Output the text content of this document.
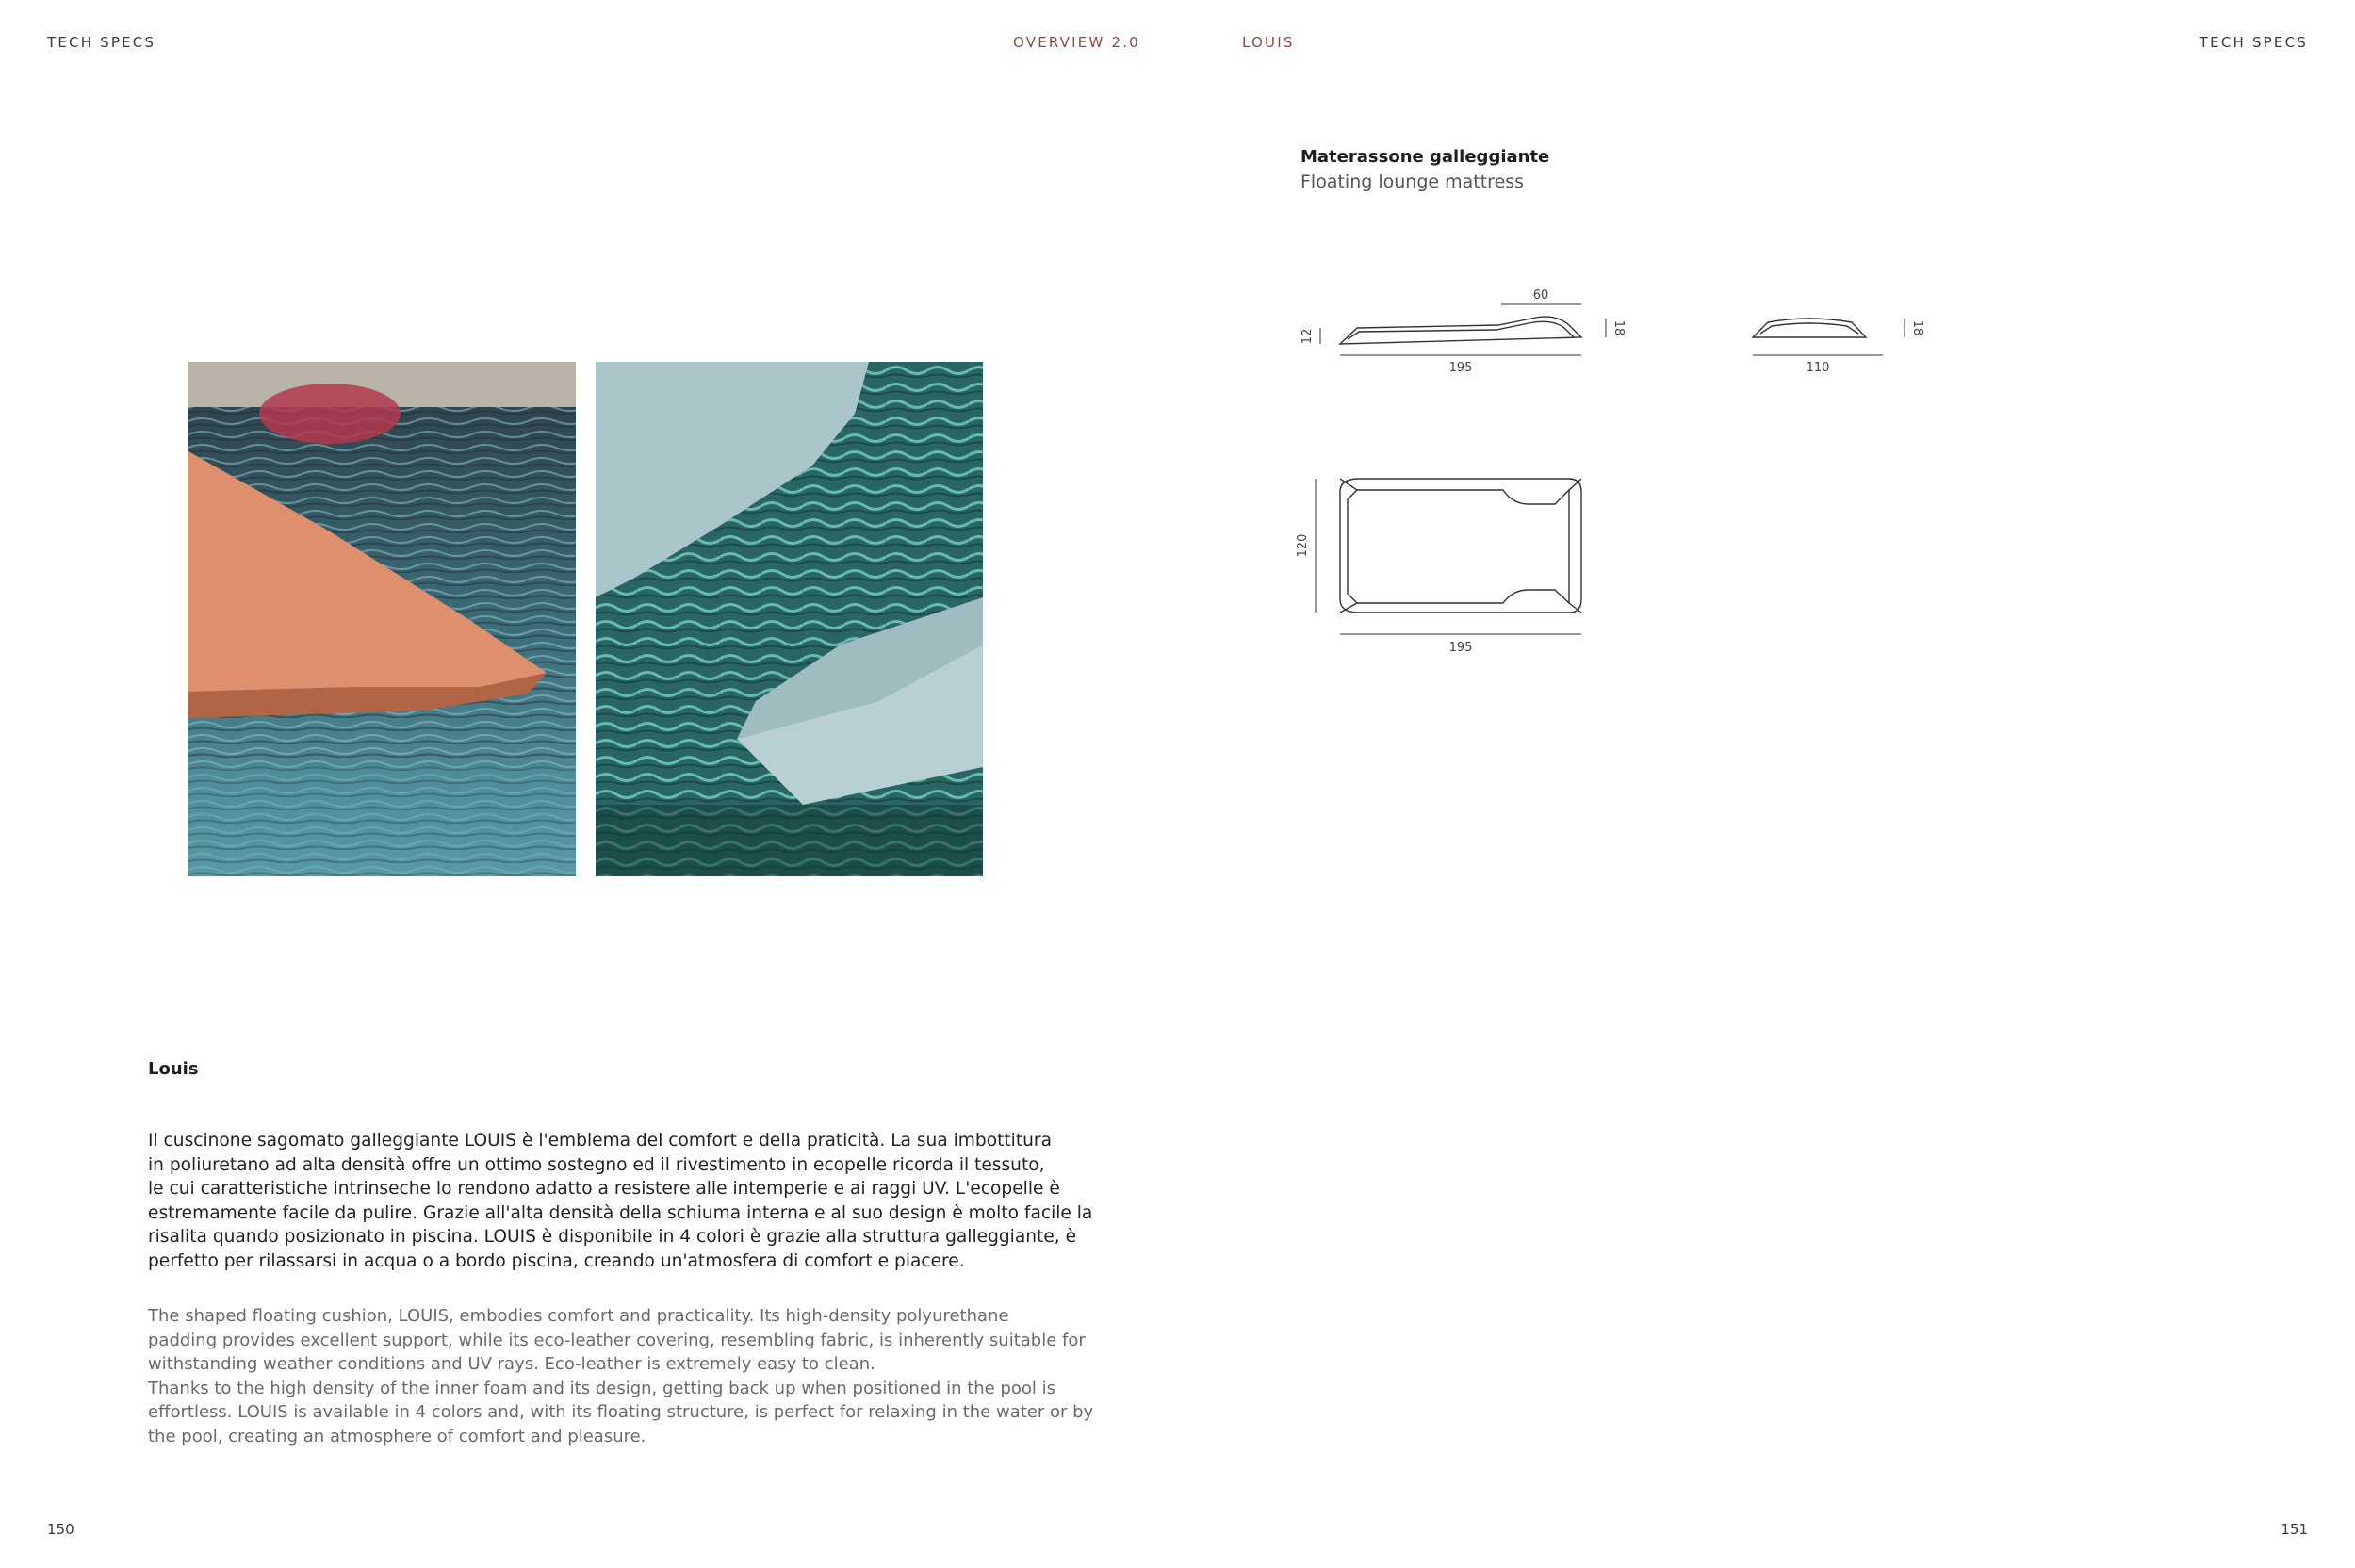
TECH SPECS	OVERVIEW 2.0	LOUIS	TECH SPECS
Materassone galleggiante
Floating lounge mattress
195
60
12
18
110
18
120
195
Louis
Il cuscinone sagomato galleggiante LOUIS è l'emblema del comfort e della praticità. La sua imbottitura
in poliuretano ad alta densità offre un ottimo sostegno ed il rivestimento in ecopelle ricorda il tessuto,
le cui caratteristiche intrinseche lo rendono adatto a resistere alle intemperie e ai raggi UV. L'ecopelle è
estremamente facile da pulire. Grazie all'alta densità della schiuma interna e al suo design è molto facile la
risalita quando posizionato in piscina. LOUIS è disponibile in 4 colori è grazie alla struttura galleggiante, è
perfetto per rilassarsi in acqua o a bordo piscina, creando un'atmosfera di comfort e piacere.
The shaped floating cushion, LOUIS, embodies comfort and practicality. Its high-density polyurethane
padding provides excellent support, while its eco-leather covering, resembling fabric, is inherently suitable for
withstanding weather conditions and UV rays. Eco-leather is extremely easy to clean.
Thanks to the high density of the inner foam and its design, getting back up when positioned in the pool is
effortless. LOUIS is available in 4 colors and, with its floating structure, is perfect for relaxing in the water or by
the pool, creating an atmosphere of comfort and pleasure.
150	151
